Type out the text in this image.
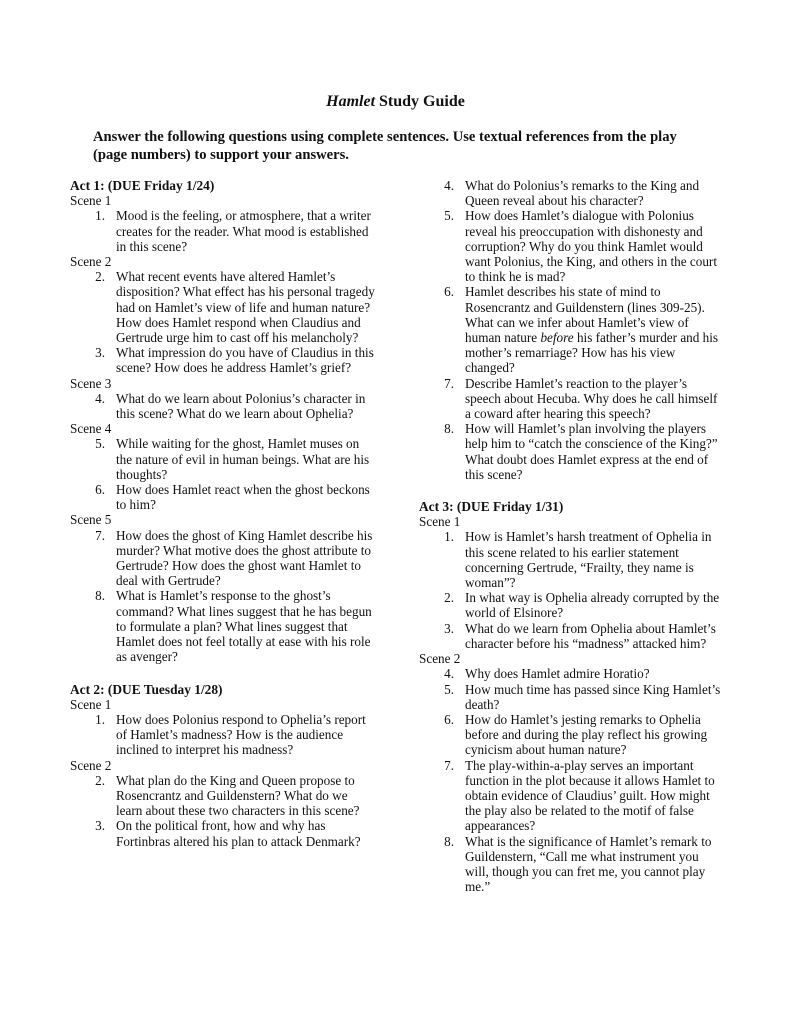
Hamlet Study Guide
Answer the following questions using complete sentences. Use textual references from the play (page numbers) to support your answers.
Act 1: (DUE Friday 1/24)
Scene 1
1. Mood is the feeling, or atmosphere, that a writer creates for the reader. What mood is established in this scene?
Scene 2
2. What recent events have altered Hamlet’s disposition? What effect has his personal tragedy had on Hamlet’s view of life and human nature? How does Hamlet respond when Claudius and Gertrude urge him to cast off his melancholy?
3. What impression do you have of Claudius in this scene? How does he address Hamlet’s grief?
Scene 3
4. What do we learn about Polonius’s character in this scene? What do we learn about Ophelia?
Scene 4
5. While waiting for the ghost, Hamlet muses on the nature of evil in human beings. What are his thoughts?
6. How does Hamlet react when the ghost beckons to him?
Scene 5
7. How does the ghost of King Hamlet describe his murder? What motive does the ghost attribute to Gertrude? How does the ghost want Hamlet to deal with Gertrude?
8. What is Hamlet’s response to the ghost’s command? What lines suggest that he has begun to formulate a plan? What lines suggest that Hamlet does not feel totally at ease with his role as avenger?
Act 2: (DUE Tuesday 1/28)
Scene 1
1. How does Polonius respond to Ophelia’s report of Hamlet’s madness? How is the audience inclined to interpret his madness?
Scene 2
2. What plan do the King and Queen propose to Rosencrantz and Guildenstern? What do we learn about these two characters in this scene?
3. On the political front, how and why has Fortinbras altered his plan to attack Denmark?
4. What do Polonius’s remarks to the King and Queen reveal about his character?
5. How does Hamlet’s dialogue with Polonius reveal his preoccupation with dishonesty and corruption? Why do you think Hamlet would want Polonius, the King, and others in the court to think he is mad?
6. Hamlet describes his state of mind to Rosencrantz and Guildenstern (lines 309-25). What can we infer about Hamlet’s view of human nature before his father’s murder and his mother’s remarriage? How has his view changed?
7. Describe Hamlet’s reaction to the player’s speech about Hecuba. Why does he call himself a coward after hearing this speech?
8. How will Hamlet’s plan involving the players help him to “catch the conscience of the King?” What doubt does Hamlet express at the end of this scene?
Act 3: (DUE Friday 1/31)
Scene 1
1. How is Hamlet’s harsh treatment of Ophelia in this scene related to his earlier statement concerning Gertrude, “Frailty, they name is woman”?
2. In what way is Ophelia already corrupted by the world of Elsinore?
3. What do we learn from Ophelia about Hamlet’s character before his “madness” attacked him?
Scene 2
4. Why does Hamlet admire Horatio?
5. How much time has passed since King Hamlet’s death?
6. How do Hamlet’s jesting remarks to Ophelia before and during the play reflect his growing cynicism about human nature?
7. The play-within-a-play serves an important function in the plot because it allows Hamlet to obtain evidence of Claudius’ guilt. How might the play also be related to the motif of false appearances?
8. What is the significance of Hamlet’s remark to Guildenstern, “Call me what instrument you will, though you can fret me, you cannot play me.”
